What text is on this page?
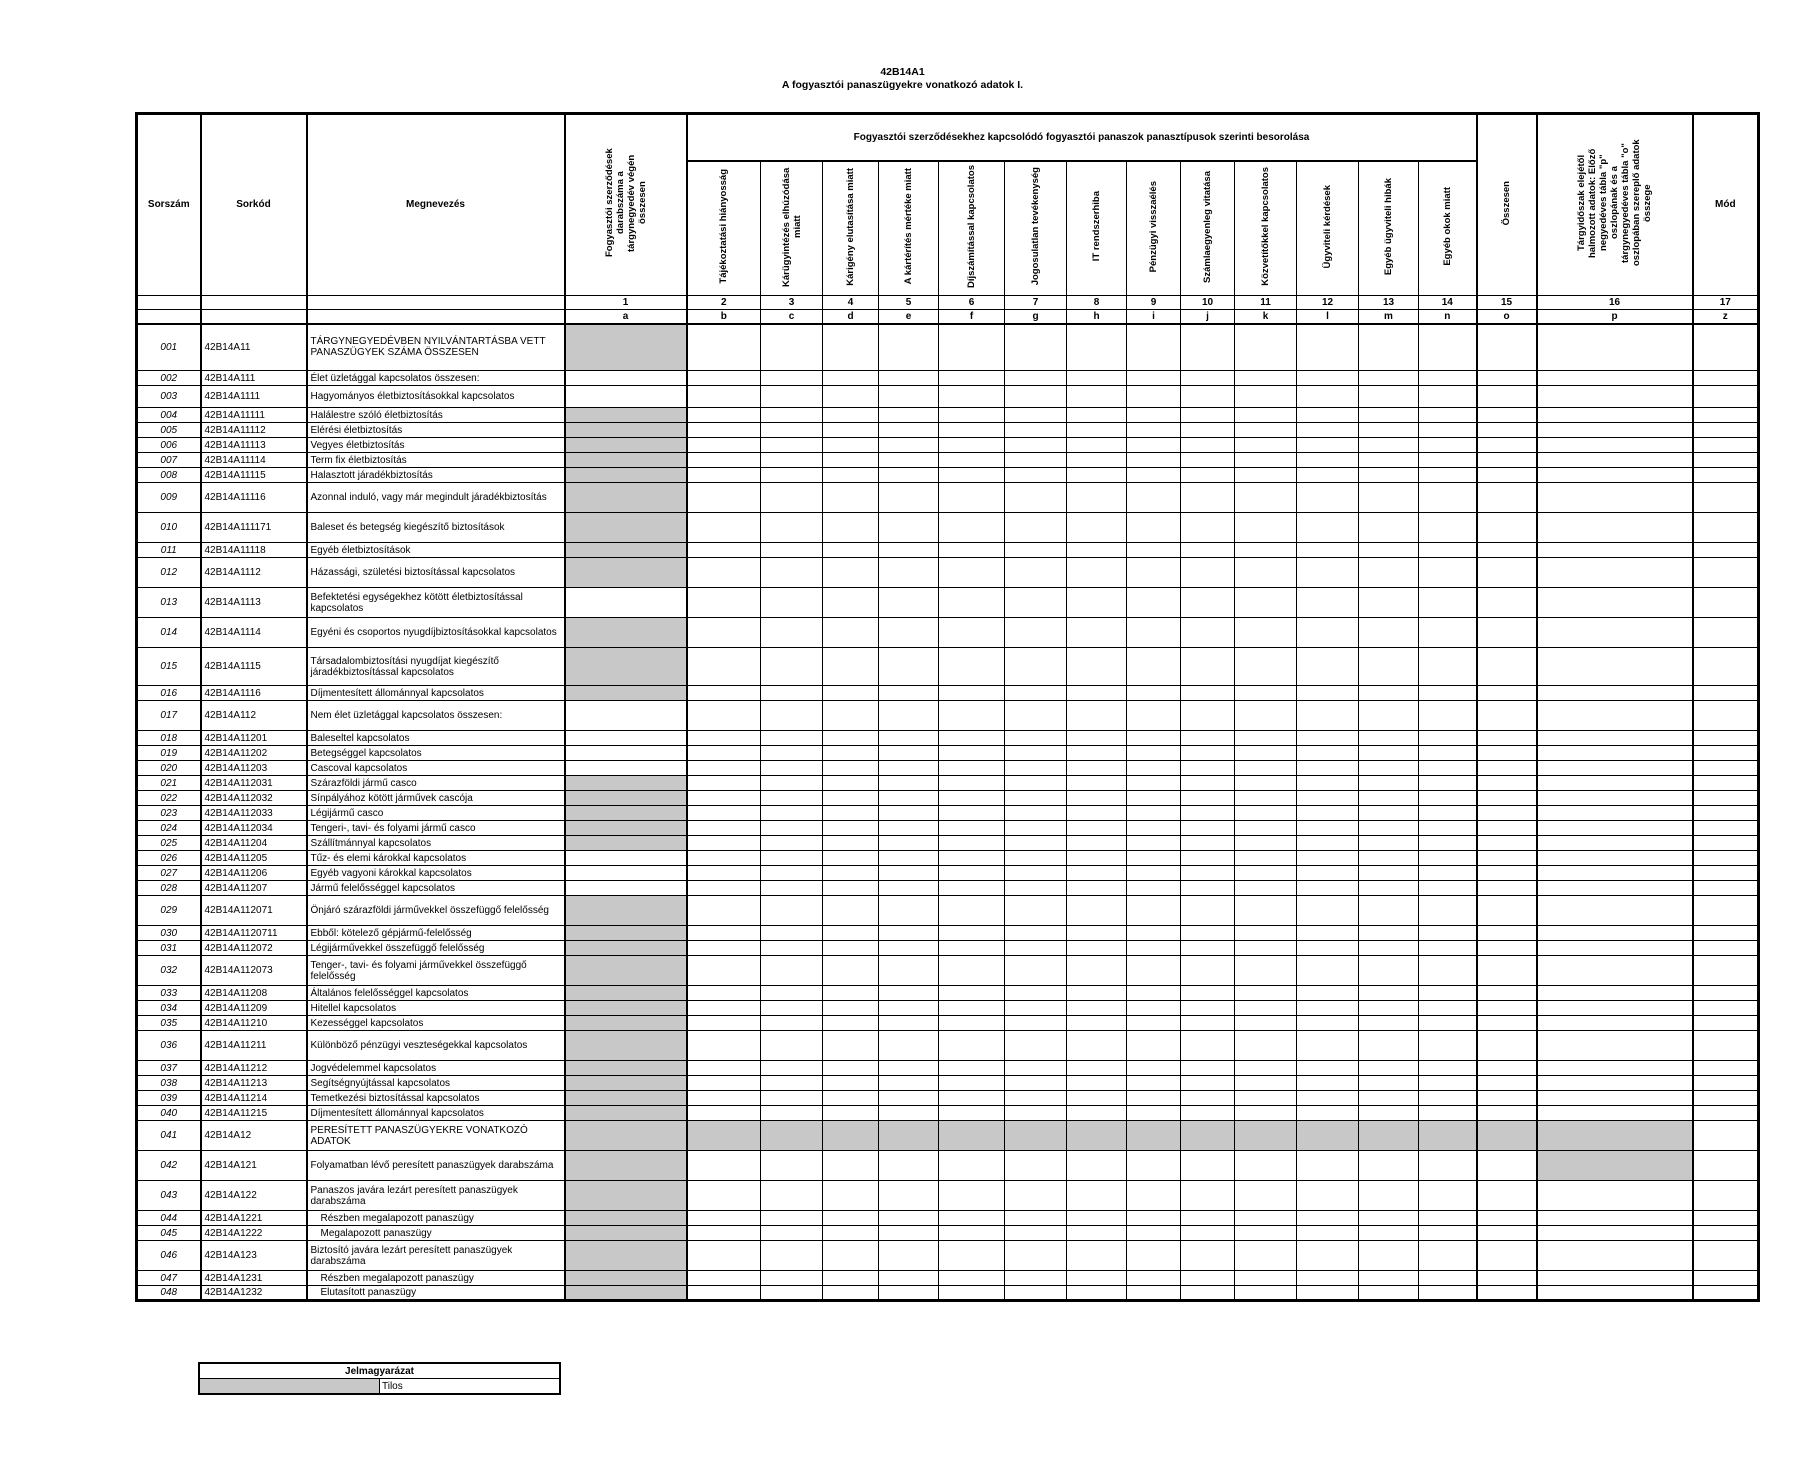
42B14A1
A fogyasztói panaszügyekre vonatkozó adatok I.
Sorszám	Sorkód	Megnevezés	Fogyasztói szerződések darabszáma a tárgynegyedév végén összesen	Fogyasztói szerződésekhez kapcsolódó fogyasztói panaszok panasztípusok szerinti besorolása													Összesen	Tárgyidőszak elejétől halmozott adatok: Előző negyedéves tábla "p" oszlopának és a tárgynegyedéves tábla "o" oszlopában szereplő adatok összege	Mód
				Tájékoztatási hiányosság	Kárügyintézés elhúzódása miatt	Kárigény elutasítása miatt	A kártérítés mértéke miatt	Díjszámítással kapcsolatos	Jogosulatlan tevékenység	IT rendszerhiba	Pénzügyi visszaélés	Számlaegyenleg vitatása	Közvetítőkkel kapcsolatos	Ügyviteli kérdések	Egyéb ügyviteli hibák	Egyéb okok miatt			
			1	2	3	4	5	6	7	8	9	10	11	12	13	14	15	16	17
			a	b	c	d	e	f	g	h	i	j	k	l	m	n	o	p	z
001	42B14A11	TÁRGYNEGYEDÉVBEN NYILVÁNTARTÁSBA VETT PANASZÜGYEK SZÁMA ÖSSZESEN																	
002	42B14A111	Élet üzletággal kapcsolatos összesen:																	
003	42B14A1111	Hagyományos életbiztosításokkal kapcsolatos																	
004	42B14A11111	Halálestre szóló életbiztosítás																	
005	42B14A11112	Elérési életbiztosítás																	
006	42B14A11113	Vegyes életbiztosítás																	
007	42B14A11114	Term fix életbiztosítás																	
008	42B14A11115	Halasztott járadékbiztosítás																	
009	42B14A11116	Azonnal induló, vagy már megindult járadékbiztosítás																	
010	42B14A111171	Baleset és betegség kiegészítő biztosítások																	
011	42B14A11118	Egyéb életbiztosítások																	
012	42B14A1112	Házassági, születési biztosítással kapcsolatos																	
013	42B14A1113	Befektetési egységekhez kötött életbiztosítással kapcsolatos																	
014	42B14A1114	Egyéni és csoportos nyugdíjbiztosításokkal kapcsolatos																	
015	42B14A1115	Társadalombiztosítási nyugdíjat kiegészítő járadékbiztosítással kapcsolatos																	
016	42B14A1116	Díjmentesített állománnyal kapcsolatos																	
017	42B14A112	Nem élet üzletággal kapcsolatos összesen:																	
018	42B14A11201	Baleseltel kapcsolatos																	
019	42B14A11202	Betegséggel kapcsolatos																	
020	42B14A11203	Cascoval kapcsolatos																	
021	42B14A112031	Szárazföldi jármű casco																	
022	42B14A112032	Sínpályához kötött járművek cascója																	
023	42B14A112033	Légijármű casco																	
024	42B14A112034	Tengeri-, tavi- és folyami jármű casco																	
025	42B14A11204	Szállítmánnyal kapcsolatos																	
026	42B14A11205	Tűz- és elemi károkkal kapcsolatos																	
027	42B14A11206	Egyéb vagyoni károkkal kapcsolatos																	
028	42B14A11207	Jármű felelősséggel kapcsolatos																	
029	42B14A112071	Önjáró szárazföldi járművekkel összefüggő felelősség																	
030	42B14A1120711	Ebből: kötelező gépjármű-felelősség																	
031	42B14A112072	Légijárművekkel összefüggő felelősség																	
032	42B14A112073	Tenger-, tavi- és folyami járművekkel összefüggő felelősség																	
033	42B14A11208	Általános felelősséggel kapcsolatos																	
034	42B14A11209	Hitellel kapcsolatos																	
035	42B14A11210	Kezességgel kapcsolatos																	
036	42B14A11211	Különböző pénzügyi veszteségekkal kapcsolatos																	
037	42B14A11212	Jogvédelemmel kapcsolatos																	
038	42B14A11213	Segítségnyújtással kapcsolatos																	
039	42B14A11214	Temetkezési biztosítással kapcsolatos																	
040	42B14A11215	Díjmentesített állománnyal kapcsolatos																	
041	42B14A12	PERESÍTETT PANASZÜGYEKRE VONATKOZÓ ADATOK																	
042	42B14A121	Folyamatban lévő peresített panaszügyek darabszáma																	
043	42B14A122	Panaszos javára lezárt peresített panaszügyek darabszáma																	
044	42B14A1221	Részben megalapozott panaszügy																	
045	42B14A1222	Megalapozott panaszügy																	
046	42B14A123	Biztosító javára lezárt peresített panaszügyek darabszáma																	
047	42B14A1231	Részben megalapozott panaszügy																	
048	42B14A1232	Elutasított panaszügy																	
Jelmagyarázat
	Tilos
